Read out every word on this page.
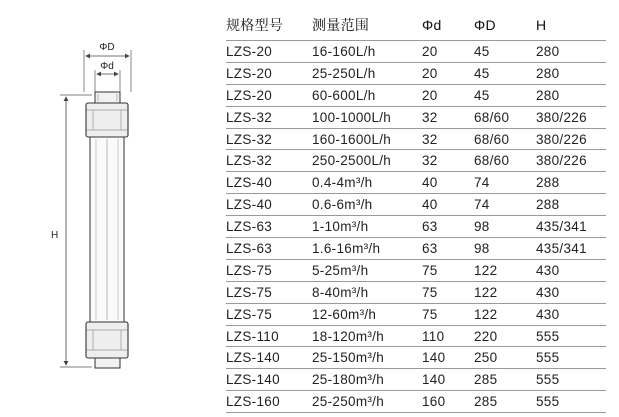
ΦD
Φd
H
规格型号	测量范围	Φd	ΦD	H
LZS-20	16-160L/h	20	45	280
LZS-20	25-250L/h	20	45	280
LZS-20	60-600L/h	20	45	280
LZS-32	100-1000L/h	32	68/60	380/226
LZS-32	160-1600L/h	32	68/60	380/226
LZS-32	250-2500L/h	32	68/60	380/226
LZS-40	0.4-4m³/h	40	74	288
LZS-40	0.6-6m³/h	40	74	288
LZS-63	1-10m³/h	63	98	435/341
LZS-63	1.6-16m³/h	63	98	435/341
LZS-75	5-25m³/h	75	122	430
LZS-75	8-40m³/h	75	122	430
LZS-75	12-60m³/h	75	122	430
LZS-110	18-120m³/h	110	220	555
LZS-140	25-150m³/h	140	250	555
LZS-140	25-180m³/h	140	285	555
LZS-160	25-250m³/h	160	285	555
